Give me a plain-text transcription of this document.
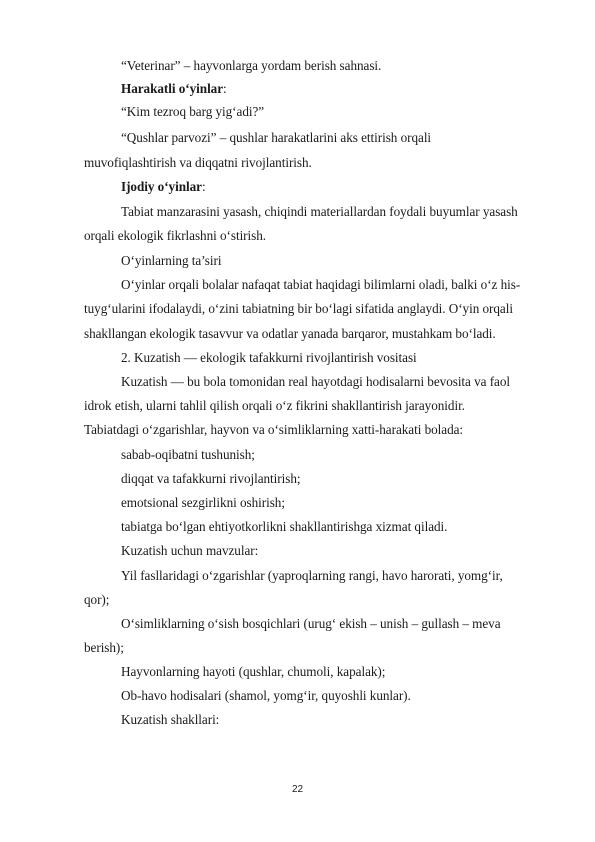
“Veterinar” – hayvonlarga yordam berish sahnasi.
Harakatli o‘yinlar:
“Kim tezroq barg yig‘adi?”
“Qushlar parvozi” – qushlar harakatlarini aks ettirish orqali
muvofiqlashtirish va diqqatni rivojlantirish.
Ijodiy o‘yinlar:
Tabiat manzarasini yasash, chiqindi materiallardan foydali buyumlar yasash
orqali ekologik fikrlashni o‘stirish.
O‘yinlarning ta’siri
O‘yinlar orqali bolalar nafaqat tabiat haqidagi bilimlarni oladi, balki o‘z his-
tuyg‘ularini ifodalaydi, o‘zini tabiatning bir bo‘lagi sifatida anglaydi. O‘yin orqali
shakllangan ekologik tasavvur va odatlar yanada barqaror, mustahkam bo‘ladi.
2. Kuzatish — ekologik tafakkurni rivojlantirish vositasi
Kuzatish — bu bola tomonidan real hayotdagi hodisalarni bevosita va faol
idrok etish, ularni tahlil qilish orqali o‘z fikrini shakllantirish jarayonidir.
Tabiatdagi o‘zgarishlar, hayvon va o‘simliklarning xatti-harakati bolada:
sabab-oqibatni tushunish;
diqqat va tafakkurni rivojlantirish;
emotsional sezgirlikni oshirish;
tabiatga bo‘lgan ehtiyotkorlikni shakllantirishga xizmat qiladi.
Kuzatish uchun mavzular:
Yil fasllaridagi o‘zgarishlar (yaproqlarning rangi, havo harorati, yomg‘ir,
qor);
O‘simliklarning o‘sish bosqichlari (urug‘ ekish – unish – gullash – meva
berish);
Hayvonlarning hayoti (qushlar, chumoli, kapalak);
Ob-havo hodisalari (shamol, yomg‘ir, quyoshli kunlar).
Kuzatish shakllari:
22
